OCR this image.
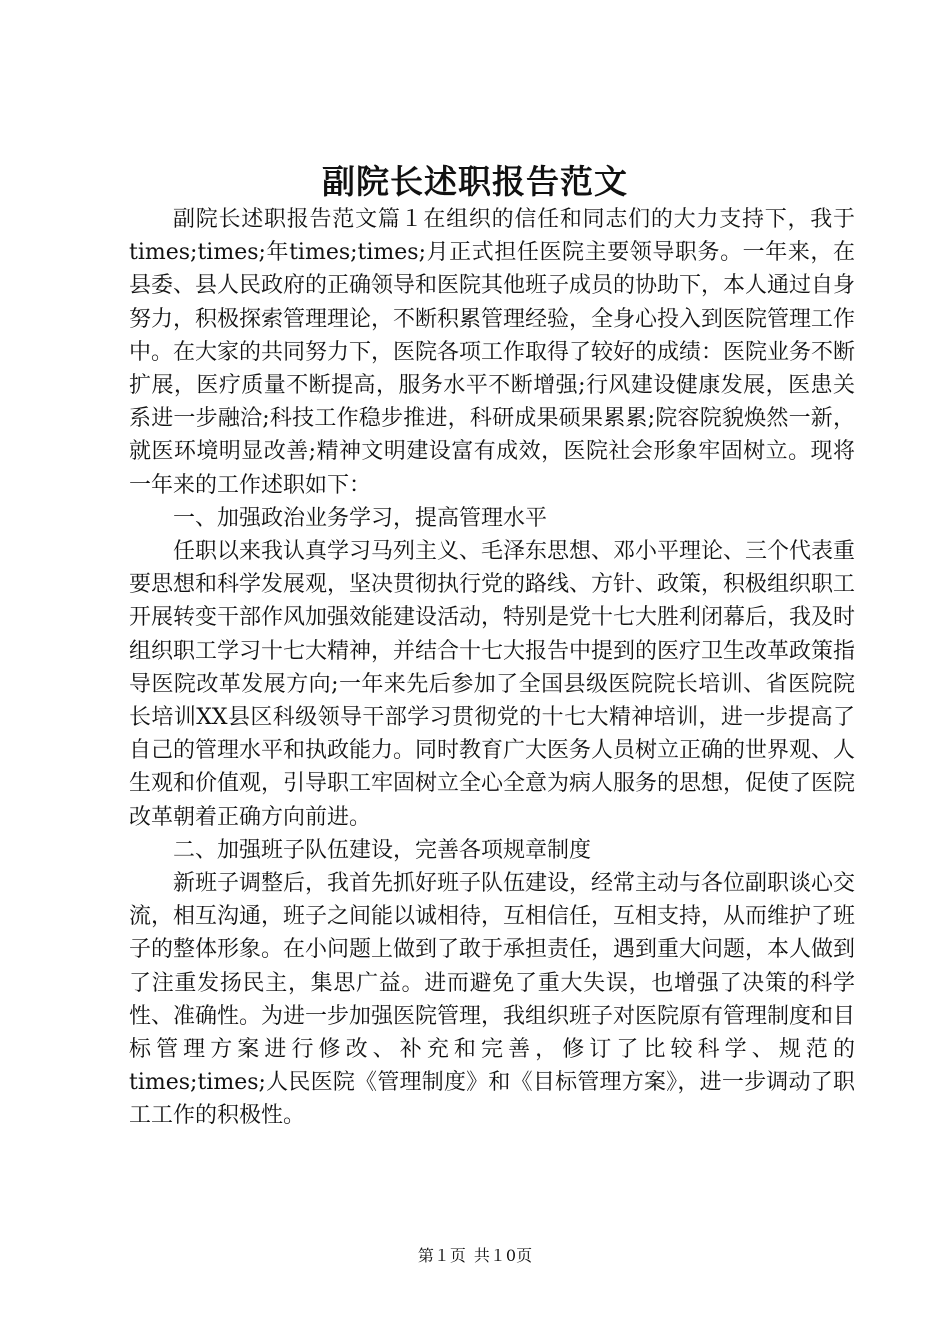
副院长述职报告范文

副院长述职报告范文篇１在组织的信任和同志们的大力支持下，我于times;times;年times;times;月正式担任医院主要领导职务。一年来，在县委、县人民政府的正确领导和医院其他班子成员的协助下，本人通过自身努力，积极探索管理理论，不断积累管理经验，全身心投入到医院管理工作中。在大家的共同努力下，医院各项工作取得了较好的成绩：医院业务不断扩展，医疗质量不断提高，服务水平不断增强;行风建设健康发展，医患关系进一步融洽;科技工作稳步推进，科研成果硕果累累;院容院貌焕然一新，就医环境明显改善;精神文明建设富有成效，医院社会形象牢固树立。现将一年来的工作述职如下：

一、加强政治业务学习，提高管理水平

任职以来我认真学习马列主义、毛泽东思想、邓小平理论、三个代表重要思想和科学发展观，坚决贯彻执行党的路线、方针、政策，积极组织职工开展转变干部作风加强效能建设活动，特别是党十七大胜利闭幕后，我及时组织职工学习十七大精神，并结合十七大报告中提到的医疗卫生改革政策指导医院改革发展方向;一年来先后参加了全国县级医院院长培训、省医院院长培训XX县区科级领导干部学习贯彻党的十七大精神培训，进一步提高了自己的管理水平和执政能力。同时教育广大医务人员树立正确的世界观、人生观和价值观，引导职工牢固树立全心全意为病人服务的思想，促使了医院改革朝着正确方向前进。

二、加强班子队伍建设，完善各项规章制度

新班子调整后，我首先抓好班子队伍建设，经常主动与各位副职谈心交流，相互沟通，班子之间能以诚相待，互相信任，互相支持，从而维护了班子的整体形象。在小问题上做到了敢于承担责任，遇到重大问题，本人做到了注重发扬民主，集思广益。进而避免了重大失误，也增强了决策的科学性、准确性。为进一步加强医院管理，我组织班子对医院原有管理制度和目标管理方案进行修改、补充和完善，修订了比较科学、规范的times;times;人民医院《管理制度》和《目标管理方案》，进一步调动了职工工作的积极性。

第１页 共１0页
